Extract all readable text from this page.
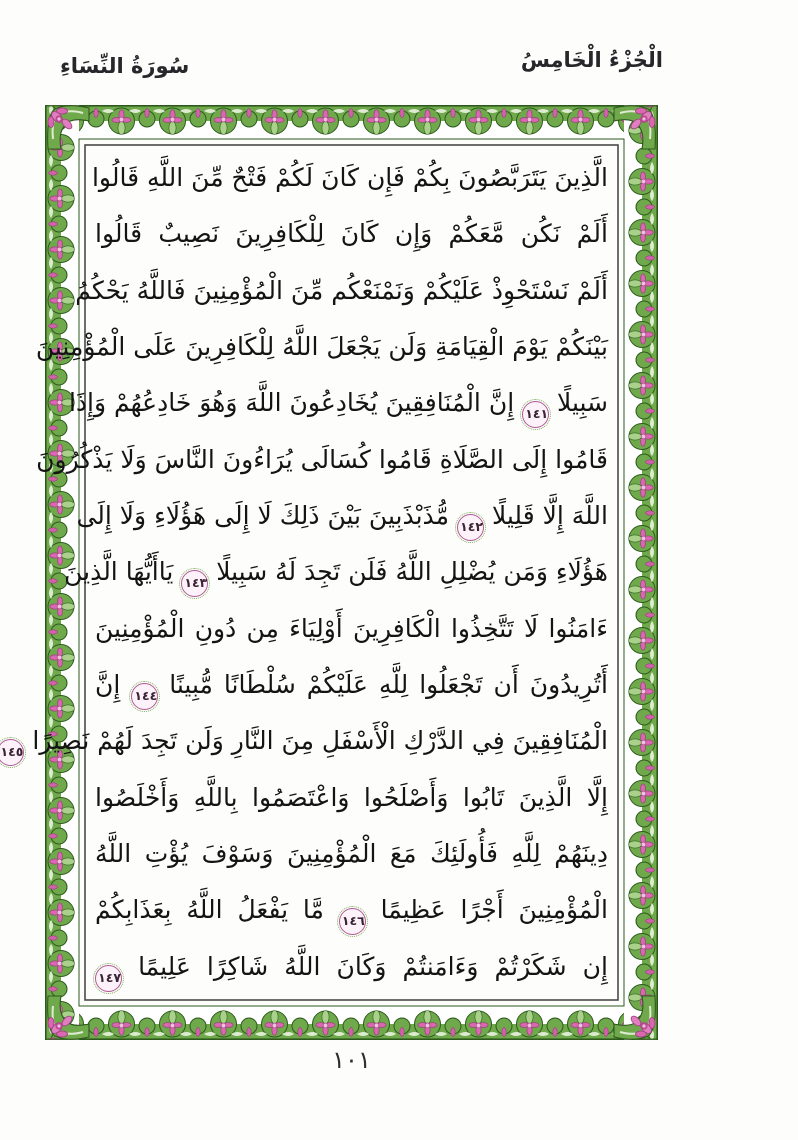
الْجُزْءُ الْخَامِسُ
سُورَةُ النِّسَاءِ
الَّذِينَ يَتَرَبَّصُونَ بِكُمْ فَإِن كَانَ لَكُمْ فَتْحٌ مِّنَ اللَّهِ قَالُوا
أَلَمْ نَكُن مَّعَكُمْ وَإِن كَانَ لِلْكَافِرِينَ نَصِيبٌ قَالُوا
أَلَمْ نَسْتَحْوِذْ عَلَيْكُمْ وَنَمْنَعْكُم مِّنَ الْمُؤْمِنِينَ فَاللَّهُ يَحْكُمُ
بَيْنَكُمْ يَوْمَ الْقِيَامَةِ وَلَن يَجْعَلَ اللَّهُ لِلْكَافِرِينَ عَلَى الْمُؤْمِنِينَ
سَبِيلًا ١٤١ إِنَّ الْمُنَافِقِينَ يُخَادِعُونَ اللَّهَ وَهُوَ خَادِعُهُمْ وَإِذَا
قَامُوا إِلَى الصَّلَاةِ قَامُوا كُسَالَى يُرَاءُونَ النَّاسَ وَلَا يَذْكُرُونَ
اللَّهَ إِلَّا قَلِيلًا ١٤٢ مُّذَبْذَبِينَ بَيْنَ ذَلِكَ لَا إِلَى هَؤُلَاءِ وَلَا إِلَى
هَؤُلَاءِ وَمَن يُضْلِلِ اللَّهُ فَلَن تَجِدَ لَهُ سَبِيلًا ١٤٣ يَاأَيُّهَا الَّذِينَ
ءَامَنُوا لَا تَتَّخِذُوا الْكَافِرِينَ أَوْلِيَاءَ مِن دُونِ الْمُؤْمِنِينَ
أَتُرِيدُونَ أَن تَجْعَلُوا لِلَّهِ عَلَيْكُمْ سُلْطَانًا مُّبِينًا ١٤٤ إِنَّ
الْمُنَافِقِينَ فِي الدَّرْكِ الْأَسْفَلِ مِنَ النَّارِ وَلَن تَجِدَ لَهُمْ نَصِيرًا ١٤٥
إِلَّا الَّذِينَ تَابُوا وَأَصْلَحُوا وَاعْتَصَمُوا بِاللَّهِ وَأَخْلَصُوا
دِينَهُمْ لِلَّهِ فَأُولَئِكَ مَعَ الْمُؤْمِنِينَ وَسَوْفَ يُؤْتِ اللَّهُ
الْمُؤْمِنِينَ أَجْرًا عَظِيمًا ١٤٦ مَّا يَفْعَلُ اللَّهُ بِعَذَابِكُمْ
إِن شَكَرْتُمْ وَءَامَنتُمْ وَكَانَ اللَّهُ شَاكِرًا عَلِيمًا ١٤٧
١٠١
